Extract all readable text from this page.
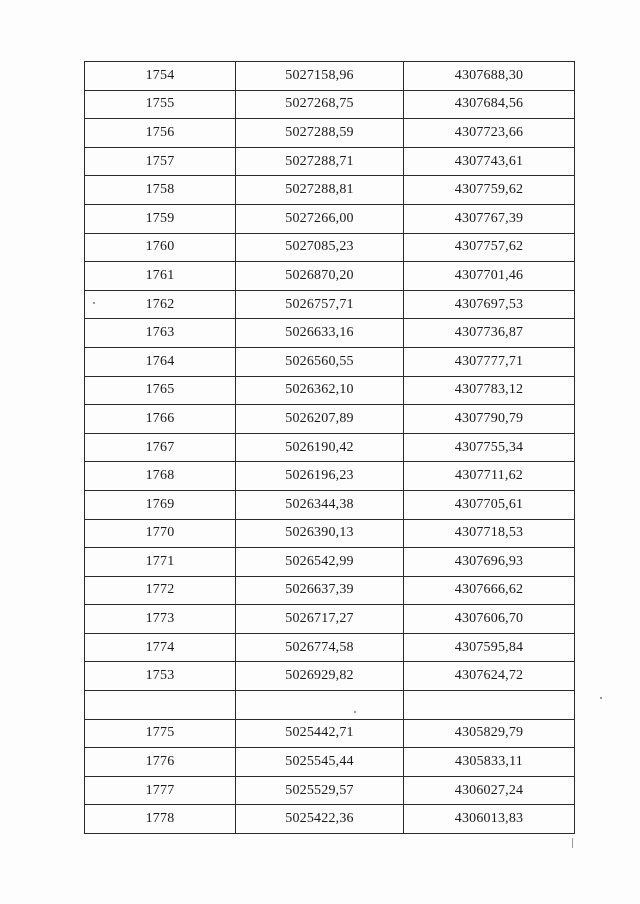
1754	5027158,96	4307688,30
1755	5027268,75	4307684,56
1756	5027288,59	4307723,66
1757	5027288,71	4307743,61
1758	5027288,81	4307759,62
1759	5027266,00	4307767,39
1760	5027085,23	4307757,62
1761	5026870,20	4307701,46
1762	5026757,71	4307697,53
1763	5026633,16	4307736,87
1764	5026560,55	4307777,71
1765	5026362,10	4307783,12
1766	5026207,89	4307790,79
1767	5026190,42	4307755,34
1768	5026196,23	4307711,62
1769	5026344,38	4307705,61
1770	5026390,13	4307718,53
1771	5026542,99	4307696,93
1772	5026637,39	4307666,62
1773	5026717,27	4307606,70
1774	5026774,58	4307595,84
1753	5026929,82	4307624,72

1775	5025442,71	4305829,79
1776	5025545,44	4305833,11
1777	5025529,57	4306027,24
1778	5025422,36	4306013,83
